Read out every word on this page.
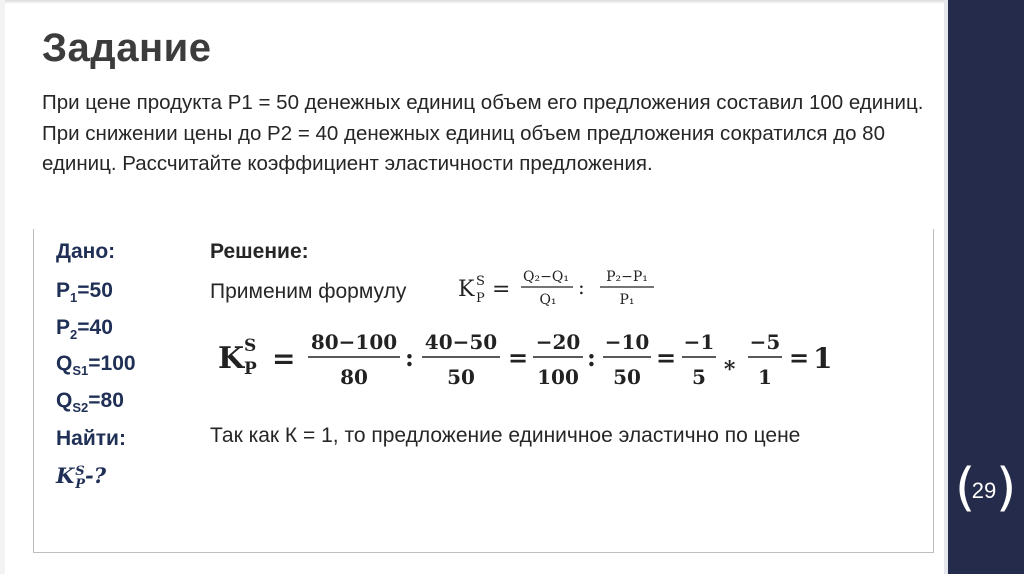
( )
29
Задание
При цене продукта Р1 = 50 денежных единиц объем его предложения составил 100 единиц. При снижении цены до Р2 = 40 денежных единиц объем предложения сократился до 80 единиц. Рассчитайте коэффициент эластичности предложения.
Дано:
$P_1=50$
$P_2=40$
$Q_{S1}=100$
$Q_{S2}=80$
Найти:
K S
P -?
Решение:
Применим формулу
Так как К = 1, то предложение единичное эластично по цене
K S
P = Q₂−Q₁
Q₁
: P₂−P₁
P₁
K S
P = 80−100
80
:
40−50
50
=
−20
100
:
−10
50
=
−1
5 ∗
−5
1
= 1
